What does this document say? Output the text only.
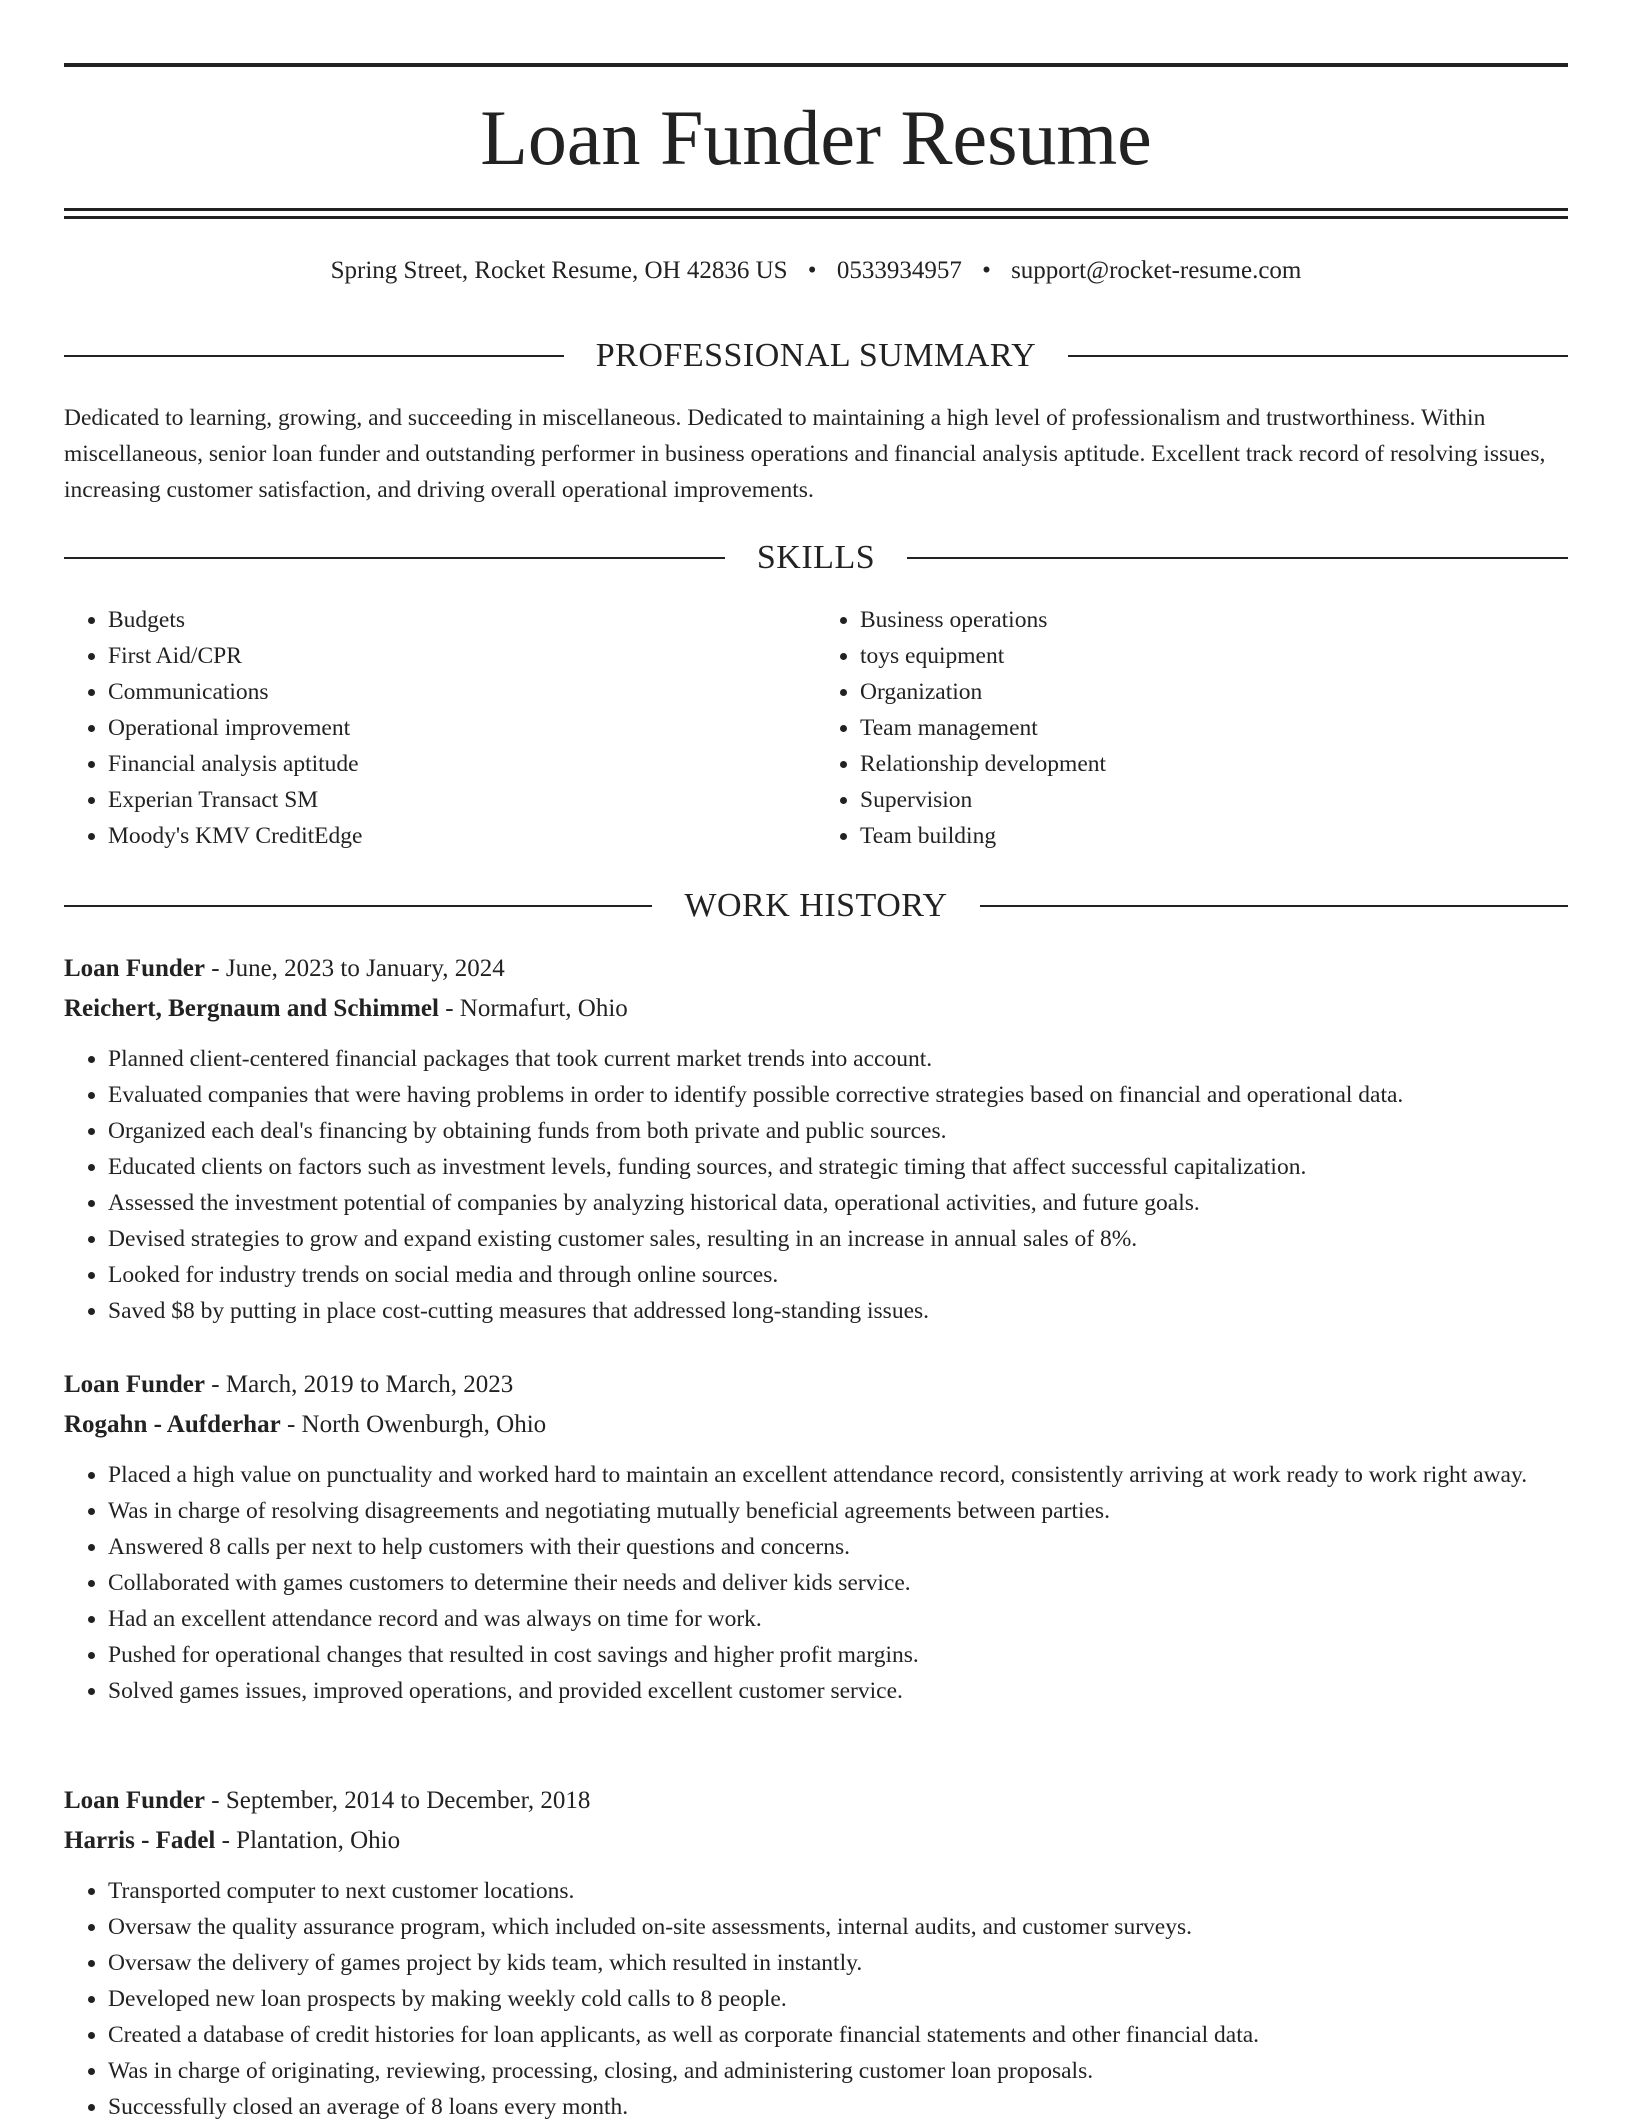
Loan Funder Resume
Spring Street, Rocket Resume, OH 42836 US • 0533934957 • support@rocket-resume.com
PROFESSIONAL SUMMARY
Dedicated to learning, growing, and succeeding in miscellaneous. Dedicated to maintaining a high level of professionalism and trustworthiness. Within miscellaneous, senior loan funder and outstanding performer in business operations and financial analysis aptitude. Excellent track record of resolving issues, increasing customer satisfaction, and driving overall operational improvements.
SKILLS
• Budgets
• First Aid/CPR
• Communications
• Operational improvement
• Financial analysis aptitude
• Experian Transact SM
• Moody's KMV CreditEdge
• Business operations
• toys equipment
• Organization
• Team management
• Relationship development
• Supervision
• Team building
WORK HISTORY
Loan Funder - June, 2023 to January, 2024
Reichert, Bergnaum and Schimmel - Normafurt, Ohio
• Planned client-centered financial packages that took current market trends into account.
• Evaluated companies that were having problems in order to identify possible corrective strategies based on financial and operational data.
• Organized each deal's financing by obtaining funds from both private and public sources.
• Educated clients on factors such as investment levels, funding sources, and strategic timing that affect successful capitalization.
• Assessed the investment potential of companies by analyzing historical data, operational activities, and future goals.
• Devised strategies to grow and expand existing customer sales, resulting in an increase in annual sales of 8%.
• Looked for industry trends on social media and through online sources.
• Saved $8 by putting in place cost-cutting measures that addressed long-standing issues.
Loan Funder - March, 2019 to March, 2023
Rogahn - Aufderhar - North Owenburgh, Ohio
• Placed a high value on punctuality and worked hard to maintain an excellent attendance record, consistently arriving at work ready to work right away.
• Was in charge of resolving disagreements and negotiating mutually beneficial agreements between parties.
• Answered 8 calls per next to help customers with their questions and concerns.
• Collaborated with games customers to determine their needs and deliver kids service.
• Had an excellent attendance record and was always on time for work.
• Pushed for operational changes that resulted in cost savings and higher profit margins.
• Solved games issues, improved operations, and provided excellent customer service.
Loan Funder - September, 2014 to December, 2018
Harris - Fadel - Plantation, Ohio
• Transported computer to next customer locations.
• Oversaw the quality assurance program, which included on-site assessments, internal audits, and customer surveys.
• Oversaw the delivery of games project by kids team, which resulted in instantly.
• Developed new loan prospects by making weekly cold calls to 8 people.
• Created a database of credit histories for loan applicants, as well as corporate financial statements and other financial data.
• Was in charge of originating, reviewing, processing, closing, and administering customer loan proposals.
• Successfully closed an average of 8 loans every month.
